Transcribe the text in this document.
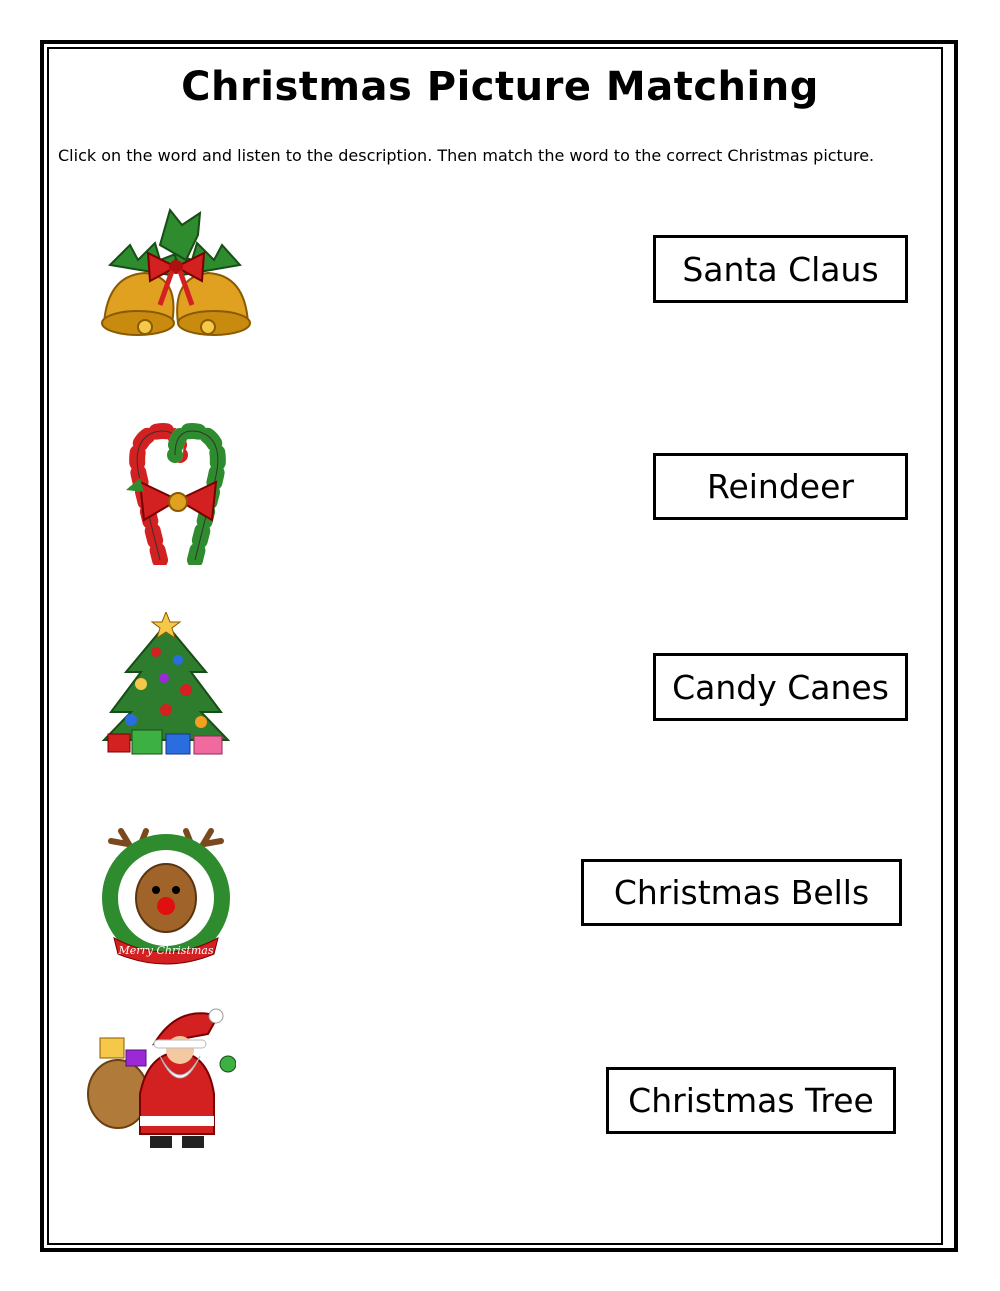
Christmas Picture Matching
Click on the word and listen to the description. Then match the word to the correct Christmas picture.
Merry Christmas
Santa Claus
Reindeer
Candy Canes
Christmas Bells
Christmas Tree
